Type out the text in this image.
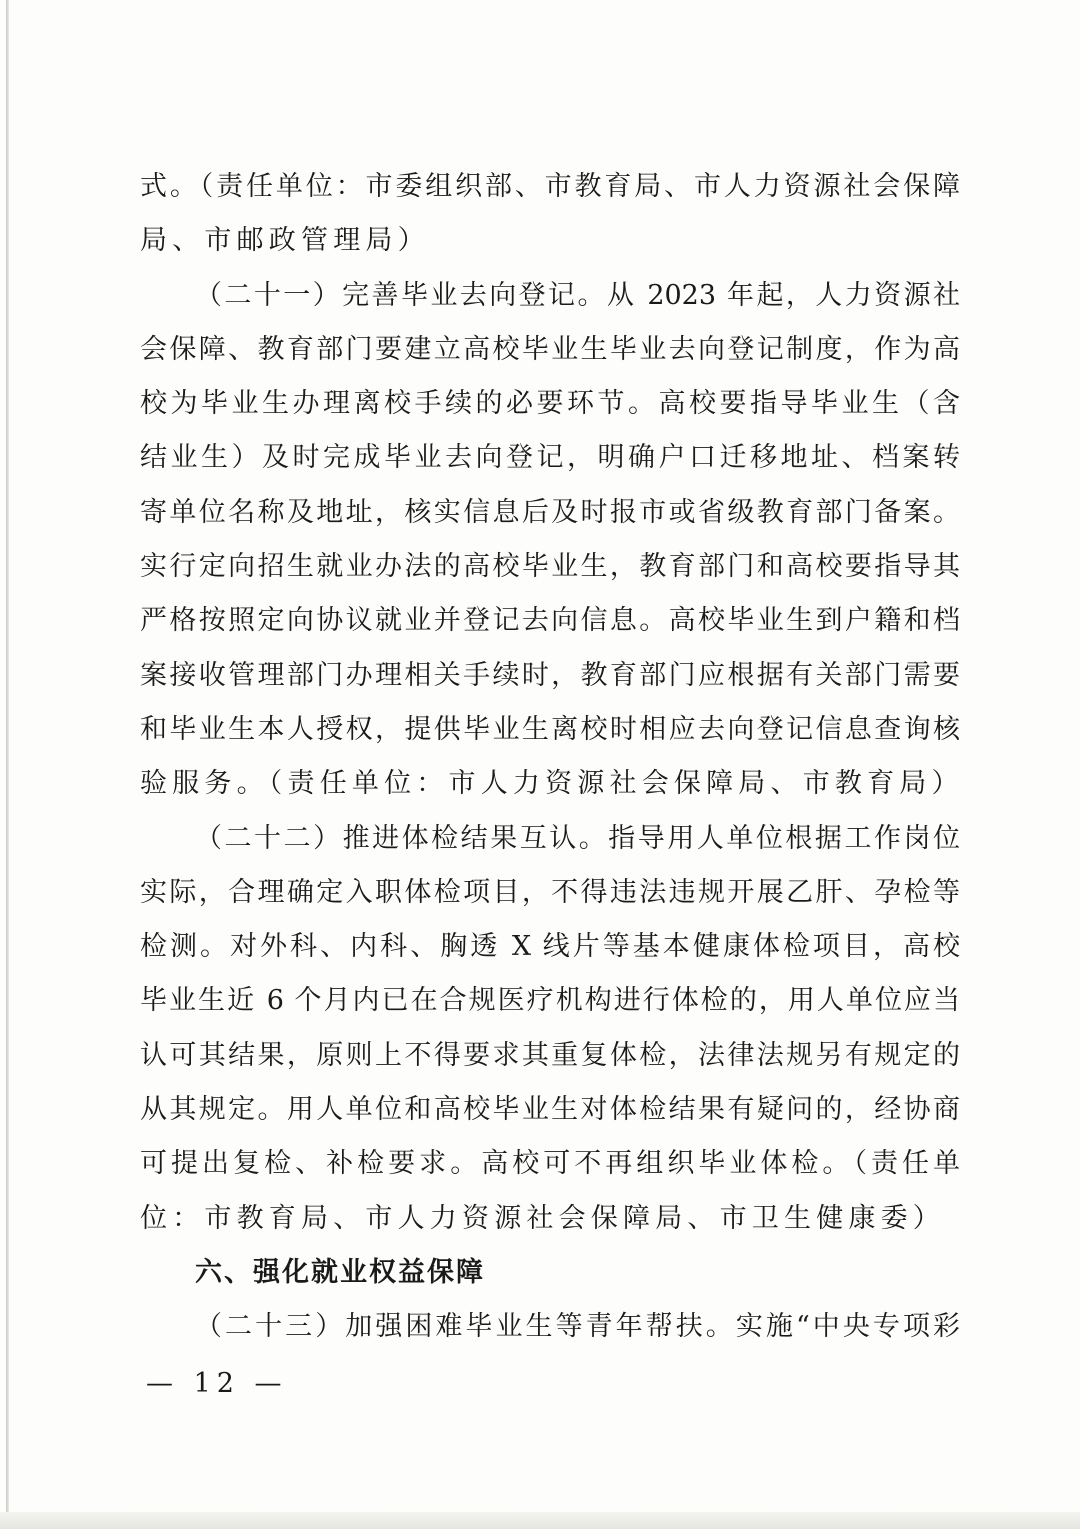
式。（责任单位：市委组织部、市教育局、市人力资源社会保障
局、市邮政管理局）
（二十一）完善毕业去向登记。从 2023 年起，人力资源社
会保障、教育部门要建立高校毕业生毕业去向登记制度，作为高
校为毕业生办理离校手续的必要环节。高校要指导毕业生（含
结业生）及时完成毕业去向登记，明确户口迁移地址、档案转
寄单位名称及地址，核实信息后及时报市或省级教育部门备案。
实行定向招生就业办法的高校毕业生，教育部门和高校要指导其
严格按照定向协议就业并登记去向信息。高校毕业生到户籍和档
案接收管理部门办理相关手续时，教育部门应根据有关部门需要
和毕业生本人授权，提供毕业生离校时相应去向登记信息查询核
验服务。（责任单位：市人力资源社会保障局、市教育局）
（二十二）推进体检结果互认。指导用人单位根据工作岗位
实际，合理确定入职体检项目，不得违法违规开展乙肝、孕检等
检测。对外科、内科、胸透 X 线片等基本健康体检项目，高校
毕业生近 6 个月内已在合规医疗机构进行体检的，用人单位应当
认可其结果，原则上不得要求其重复体检，法律法规另有规定的
从其规定。用人单位和高校毕业生对体检结果有疑问的，经协商
可提出复检、补检要求。高校可不再组织毕业体检。（责任单
位：市教育局、市人力资源社会保障局、市卫生健康委）
六、强化就业权益保障
（二十三）加强困难毕业生等青年帮扶。实施“中央专项彩
— 12 —
